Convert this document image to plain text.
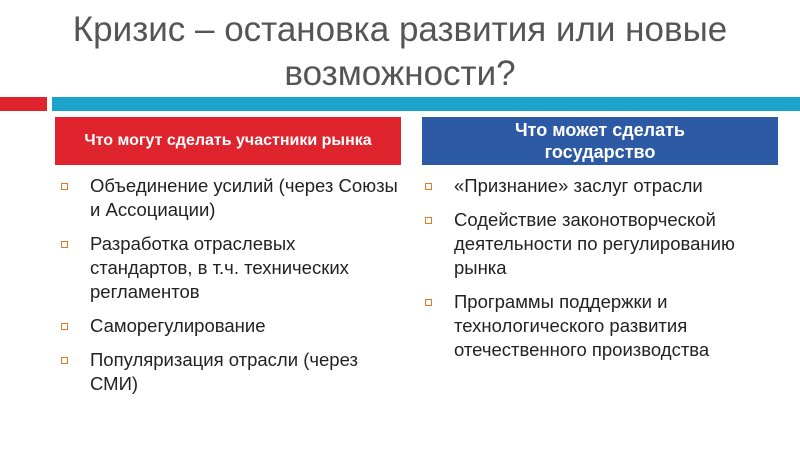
Кризис – остановка развития или новые возможности?
Что могут сделать участники рынка
Что может сделать государство
Объединение усилий (через Союзы и Ассоциации)
Разработка отраслевых стандартов, в т.ч. технических регламентов
Саморегулирование
Популяризация отрасли (через СМИ)
«Признание» заслуг отрасли
Содействие законотворческой деятельности по регулированию рынка
Программы поддержки и технологического развития отечественного производства
